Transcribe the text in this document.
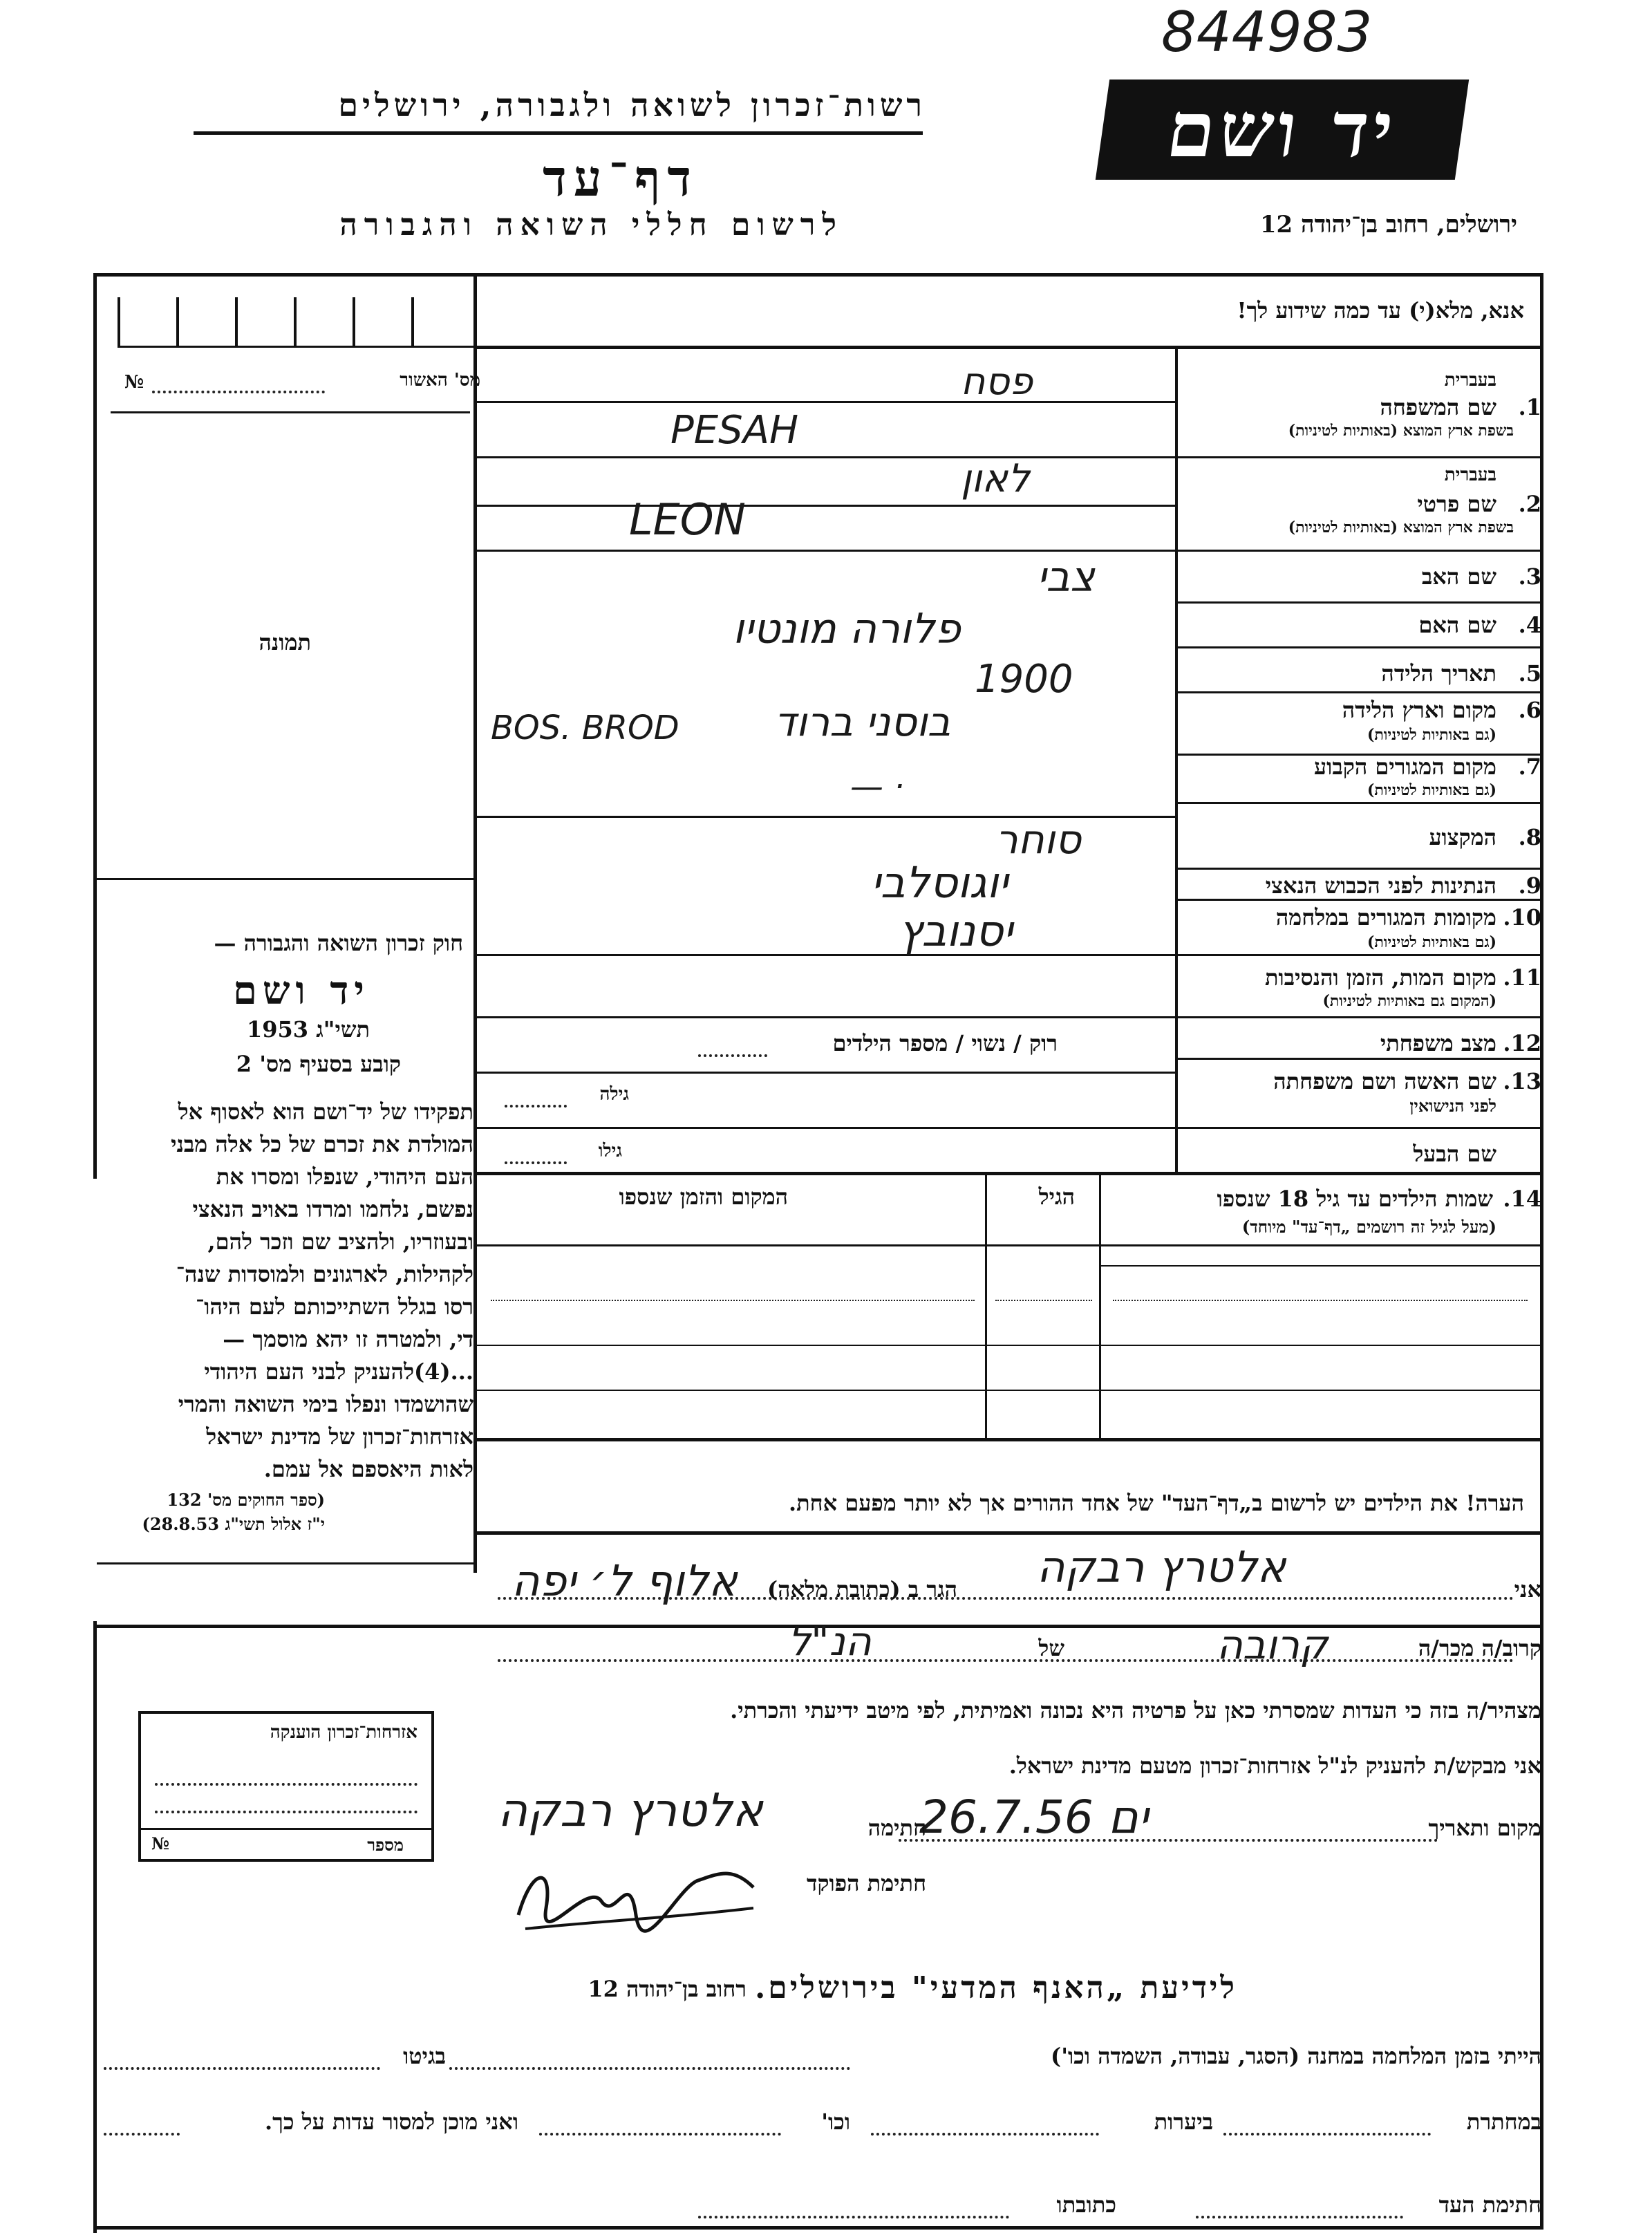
844983
יד ושם
רשות־זכרון לשואה ולגבורה, ירושלים
דף־עד
לרשום חללי השואה והגבורה	ירושלים, רחוב בן־יהודה 12
מס' האשור
№
תמונה
חוק זכרון השואה והגבורה —
יד ושם
תשי"ג 1953
קובע בסעיף מס' 2
תפקידו של יד־ושם הוא לאסוף אל
המולדת את זכרם של כל אלה מבני
העם היהודי, שנפלו ומסרו את
נפשם, נלחמו ומרדו באויב הנאצי
ובעוזריו, ולהציב שם וזכר להם,
לקהילות, לארגונים ולמוסדות שנה־
רסו בגלל השתייכותם לעם היהו־
די, ולמטרה זו יהא מוסמך —
...(4)להעניק לבני העם היהודי
שהושמדו ונפלו בימי השואה והמרי
אזרחות־זכרון של מדינת ישראל
לאות היאספם אל עמם.
(ספר החוקים מס' 132
י"ז אלול תשי"ג 28.8.53)
אזרחות־זכרון הוענקה
מספר
№
אנא, מלא(י) עד כמה שידוע לך!
בעברית
1.
שם המשפחה
בשפת ארץ המוצא (באותיות לטיניות)
פסח
PESAH
בעברית
2.
שם פרטי
בשפת ארץ המוצא (באותיות לטיניות)
לאון
LEON
3.
שם האב
צבי
4.
שם האם
פלורה מונטיו
5.
תאריך הלידה
1900
6.
מקום וארץ הלידה
(גם באותיות לטיניות)
בוסני ברוד
BOS. BROD
7.
מקום המגורים הקבוע
(גם באותיות לטיניות)
— ·
8.
המקצוע
סוחר
9.
הנתינות לפני הכבוש הנאצי
יוגוסלבי
10.
מקומות המגורים במלחמה
(גם באותיות לטיניות)
יסנובץ
11.
מקום המות, הזמן והנסיבות
(המקום גם באותיות לטיניות)
12.
מצב משפחתי
רוק / נשוי / מספר הילדים
13.
שם האשה ושם משפחתה
לפני הנישואין
גילה
שם הבעל
גילו
14.
שמות הילדים עד גיל 18 שנספו
(מעל לגיל זה רושמים „דף־עד" מיוחד)
הגיל
המקום והזמן שנספו
הערה! את הילדים יש לרשום ב„דף־העד" של אחד ההורים אך לא יותר מפעם אחת.
אני
אלטרץ רבקה
הגר ב (כתובת מלאה)
אלוף ל׳ יפה
קרוב/ה מכר/ה
קרובה
של
הנ"ל
מצהיר/ה בזה כי העדות שמסרתי כאן על פרטיה היא נכונה ואמיתית, לפי מיטב ידיעתי והכרתי.
אני מבקש/ת להעניק לנ"ל אזרחות־זכרון מטעם מדינת ישראל.
מקום ותאריך
ים 26.7.56
חתימה
אלטרץ רבקה
חתימת הפוקד
לידיעת „האנף המדעי" בירושלים.
רחוב בן־יהודה 12
הייתי בזמן המלחמה במחנה (הסגר, עבודה, השמדה וכו')
בגיטו
במחתרת
ביערות
וכו'
ואני מוכן למסור עדות על כך.
חתימת העד
כתובתו
